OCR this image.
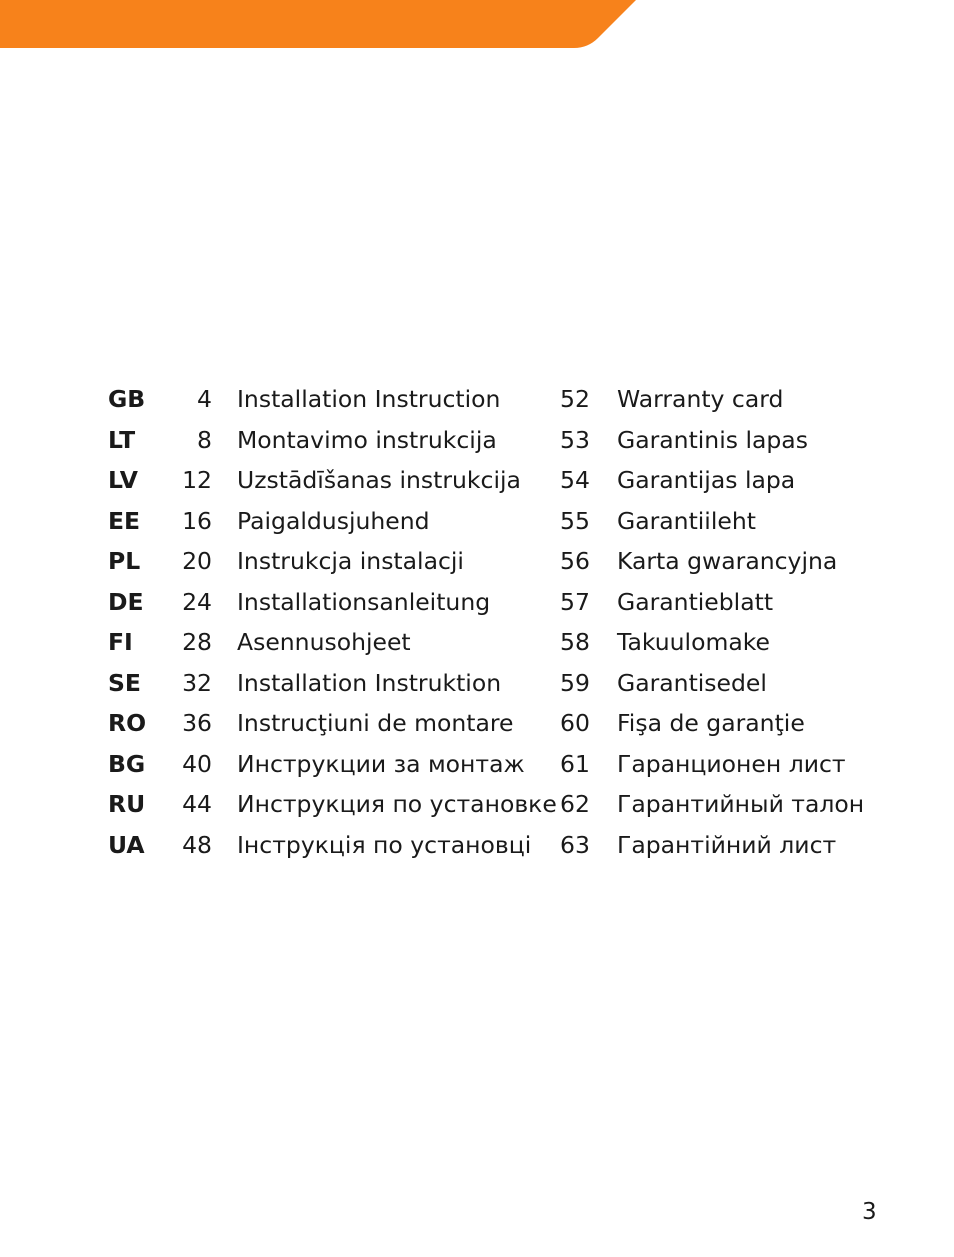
GB	4 Installation Instruction	52	Warranty card
LT	8 Montavimo instrukcija	53	Garantinis lapas
LV	12 Uzstādīšanas instrukcija 54	Garantijas lapa
EE	16 Paigaldusjuhend	55	Garantiileht
PL	20 Instrukcja instalacji	56	Karta gwarancyjna
DE	24 Installationsanleitung	57	Garantieblatt
FI	28 Asennusohjeet	58	Takuulomake
SE	32 Installation Instruktion	59	Garantisedel
RO	36 Instrucţiuni de montare 60	Fişa de garanţie
BG	40 Инструкции за монтаж 61	Гаранционен лист
RU	44 Инструкция по установке 62	Гарантийный талон
UA	48 Інструкція по установці 63	Гарантійний лист
3
